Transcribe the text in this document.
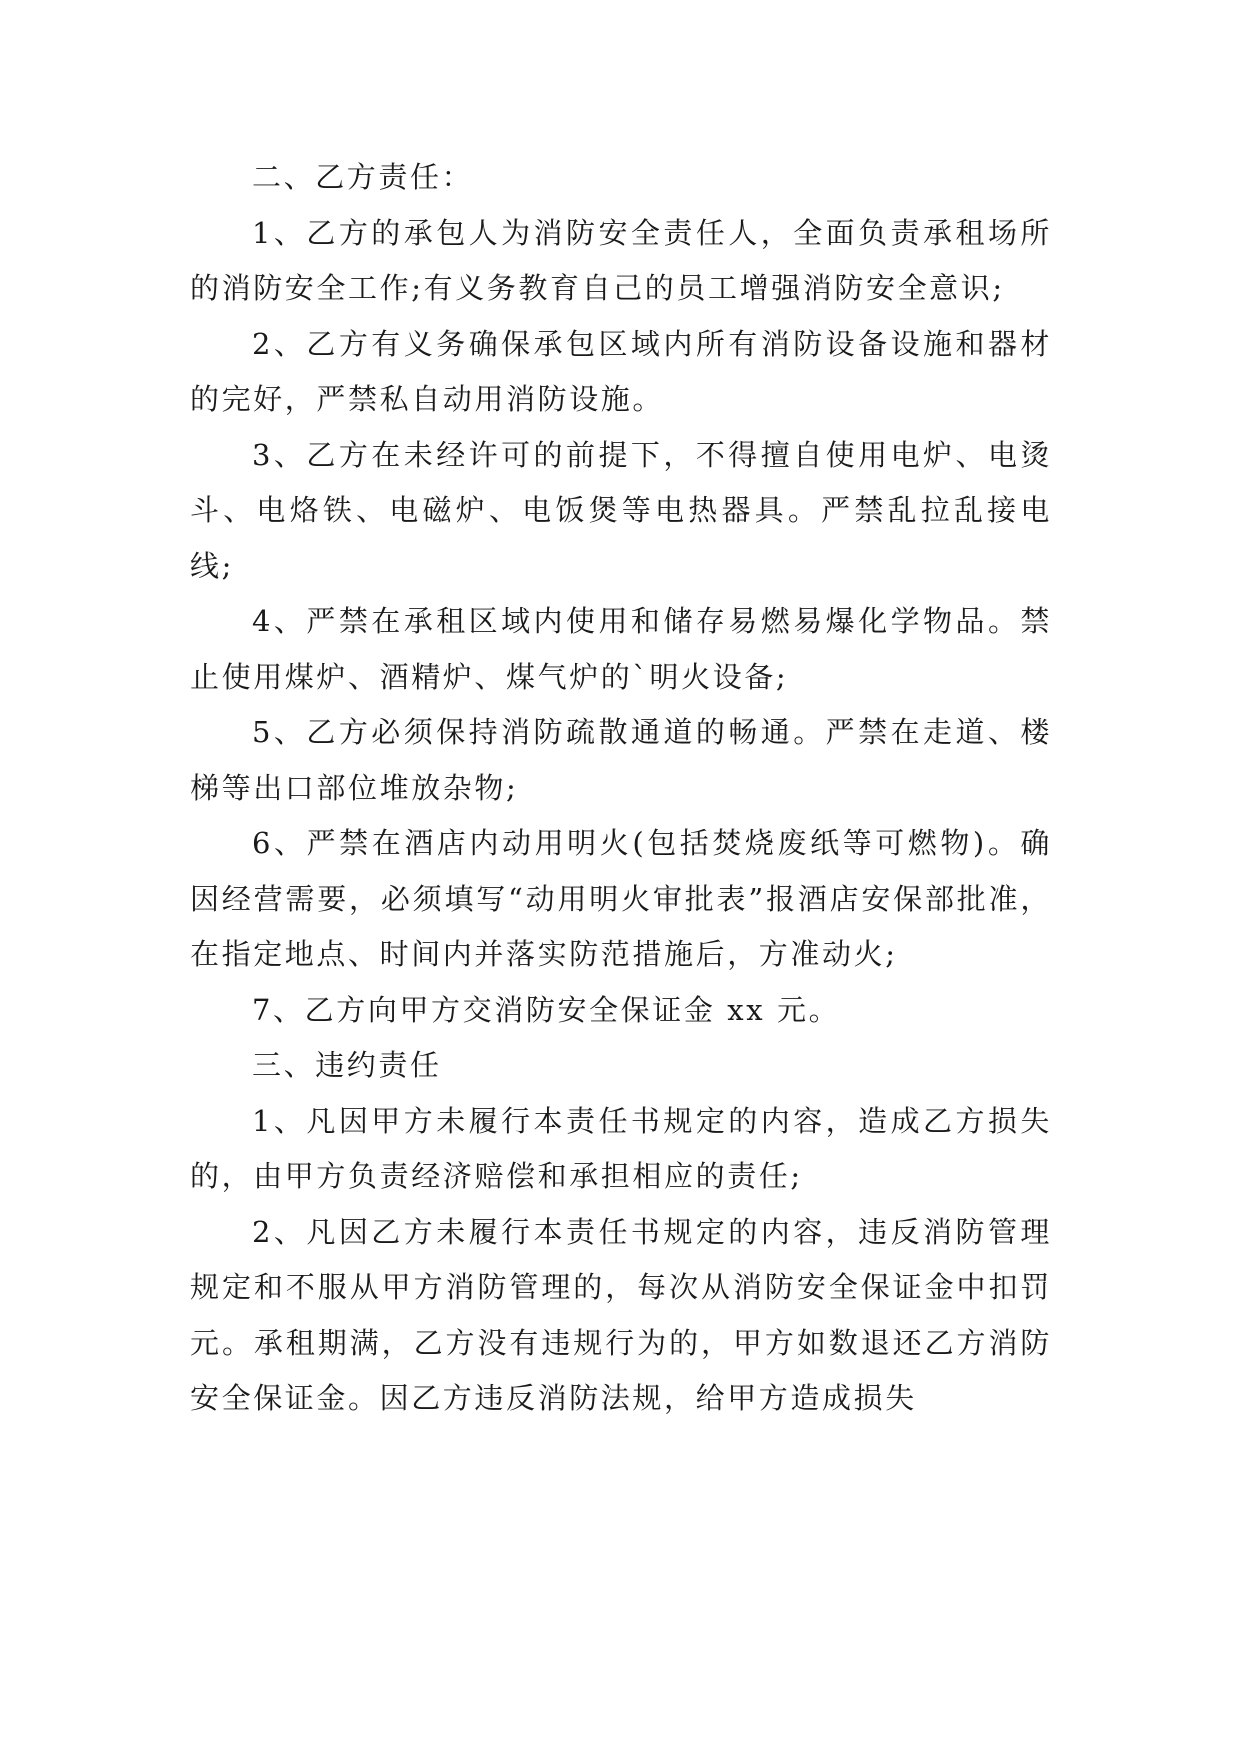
二、乙方责任：

1、乙方的承包人为消防安全责任人，全面负责承租场所的消防安全工作;有义务教育自己的员工增强消防安全意识;

2、乙方有义务确保承包区域内所有消防设备设施和器材的完好，严禁私自动用消防设施。

3、乙方在未经许可的前提下，不得擅自使用电炉、电烫斗、电烙铁、电磁炉、电饭煲等电热器具。严禁乱拉乱接电线;

4、严禁在承租区域内使用和储存易燃易爆化学物品。禁止使用煤炉、酒精炉、煤气炉的`明火设备;

5、乙方必须保持消防疏散通道的畅通。严禁在走道、楼梯等出口部位堆放杂物;

6、严禁在酒店内动用明火(包括焚烧废纸等可燃物)。确因经营需要，必须填写“动用明火审批表”报酒店安保部批准，在指定地点、时间内并落实防范措施后，方准动火;

7、乙方向甲方交消防安全保证金 xx 元。

三、违约责任

1、凡因甲方未履行本责任书规定的内容，造成乙方损失的，由甲方负责经济赔偿和承担相应的责任;

2、凡因乙方未履行本责任书规定的内容，违反消防管理规定和不服从甲方消防管理的，每次从消防安全保证金中扣罚元。承租期满，乙方没有违规行为的，甲方如数退还乙方消防安全保证金。因乙方违反消防法规，给甲方造成损失
